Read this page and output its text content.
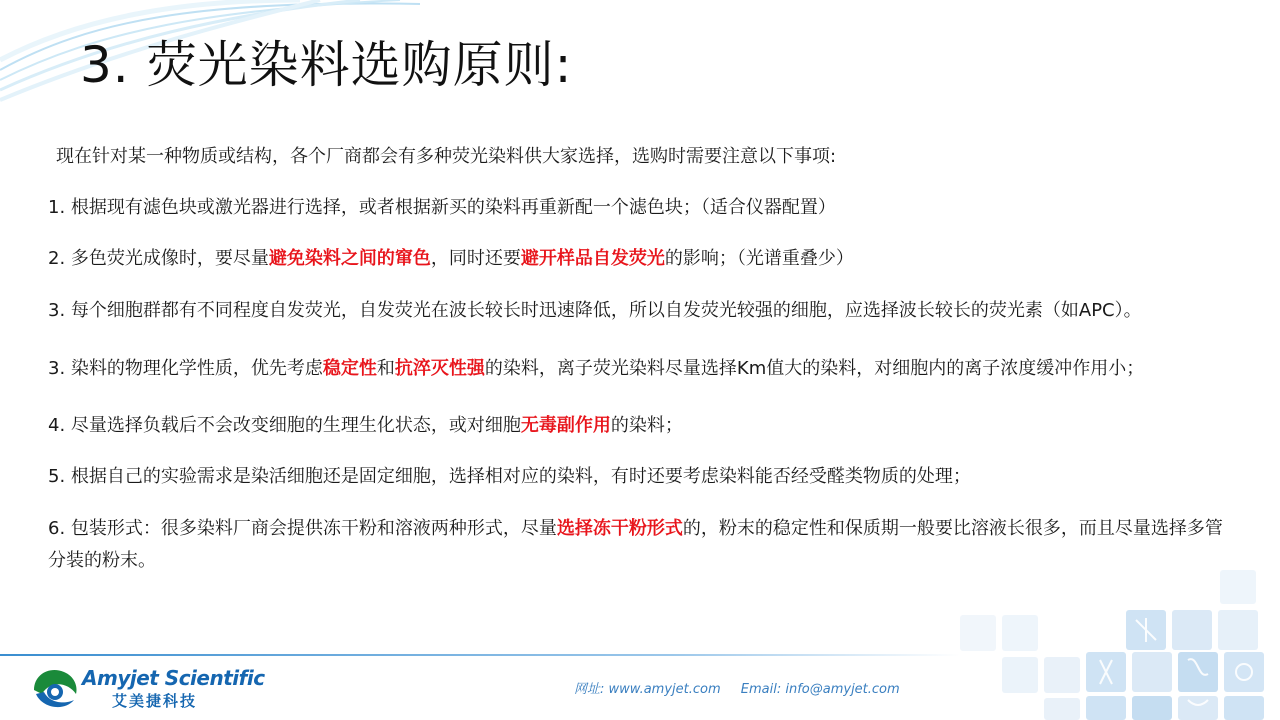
3. 荧光染料选购原则:

现在针对某一种物质或结构，各个厂商都会有多种荧光染料供大家选择，选购时需要注意以下事项:

1. 根据现有滤色块或激光器进行选择，或者根据新买的染料再重新配一个滤色块；（适合仪器配置）

2. 多色荧光成像时，要尽量避免染料之间的窜色，同时还要避开样品自发荧光的影响；（光谱重叠少）

3. 每个细胞群都有不同程度自发荧光，自发荧光在波长较长时迅速降低，所以自发荧光较强的细胞，应选择波长较长的荧光素（如APC）。

3. 染料的物理化学性质，优先考虑稳定性和抗淬灭性强的染料，离子荧光染料尽量选择Km值大的染料，对细胞内的离子浓度缓冲作用小；

4. 尽量选择负载后不会改变细胞的生理生化状态，或对细胞无毒副作用的染料；

5. 根据自己的实验需求是染活细胞还是固定细胞，选择相对应的染料，有时还要考虑染料能否经受醛类物质的处理；

6. 包装形式：很多染料厂商会提供冻干粉和溶液两种形式，尽量选择冻干粉形式的，粉末的稳定性和保质期一般要比溶液长很多，而且尽量选择多管分装的粉末。

Amyjet Scientific
艾美捷科技
网址: www.amyjet.com Email: info@amyjet.com
